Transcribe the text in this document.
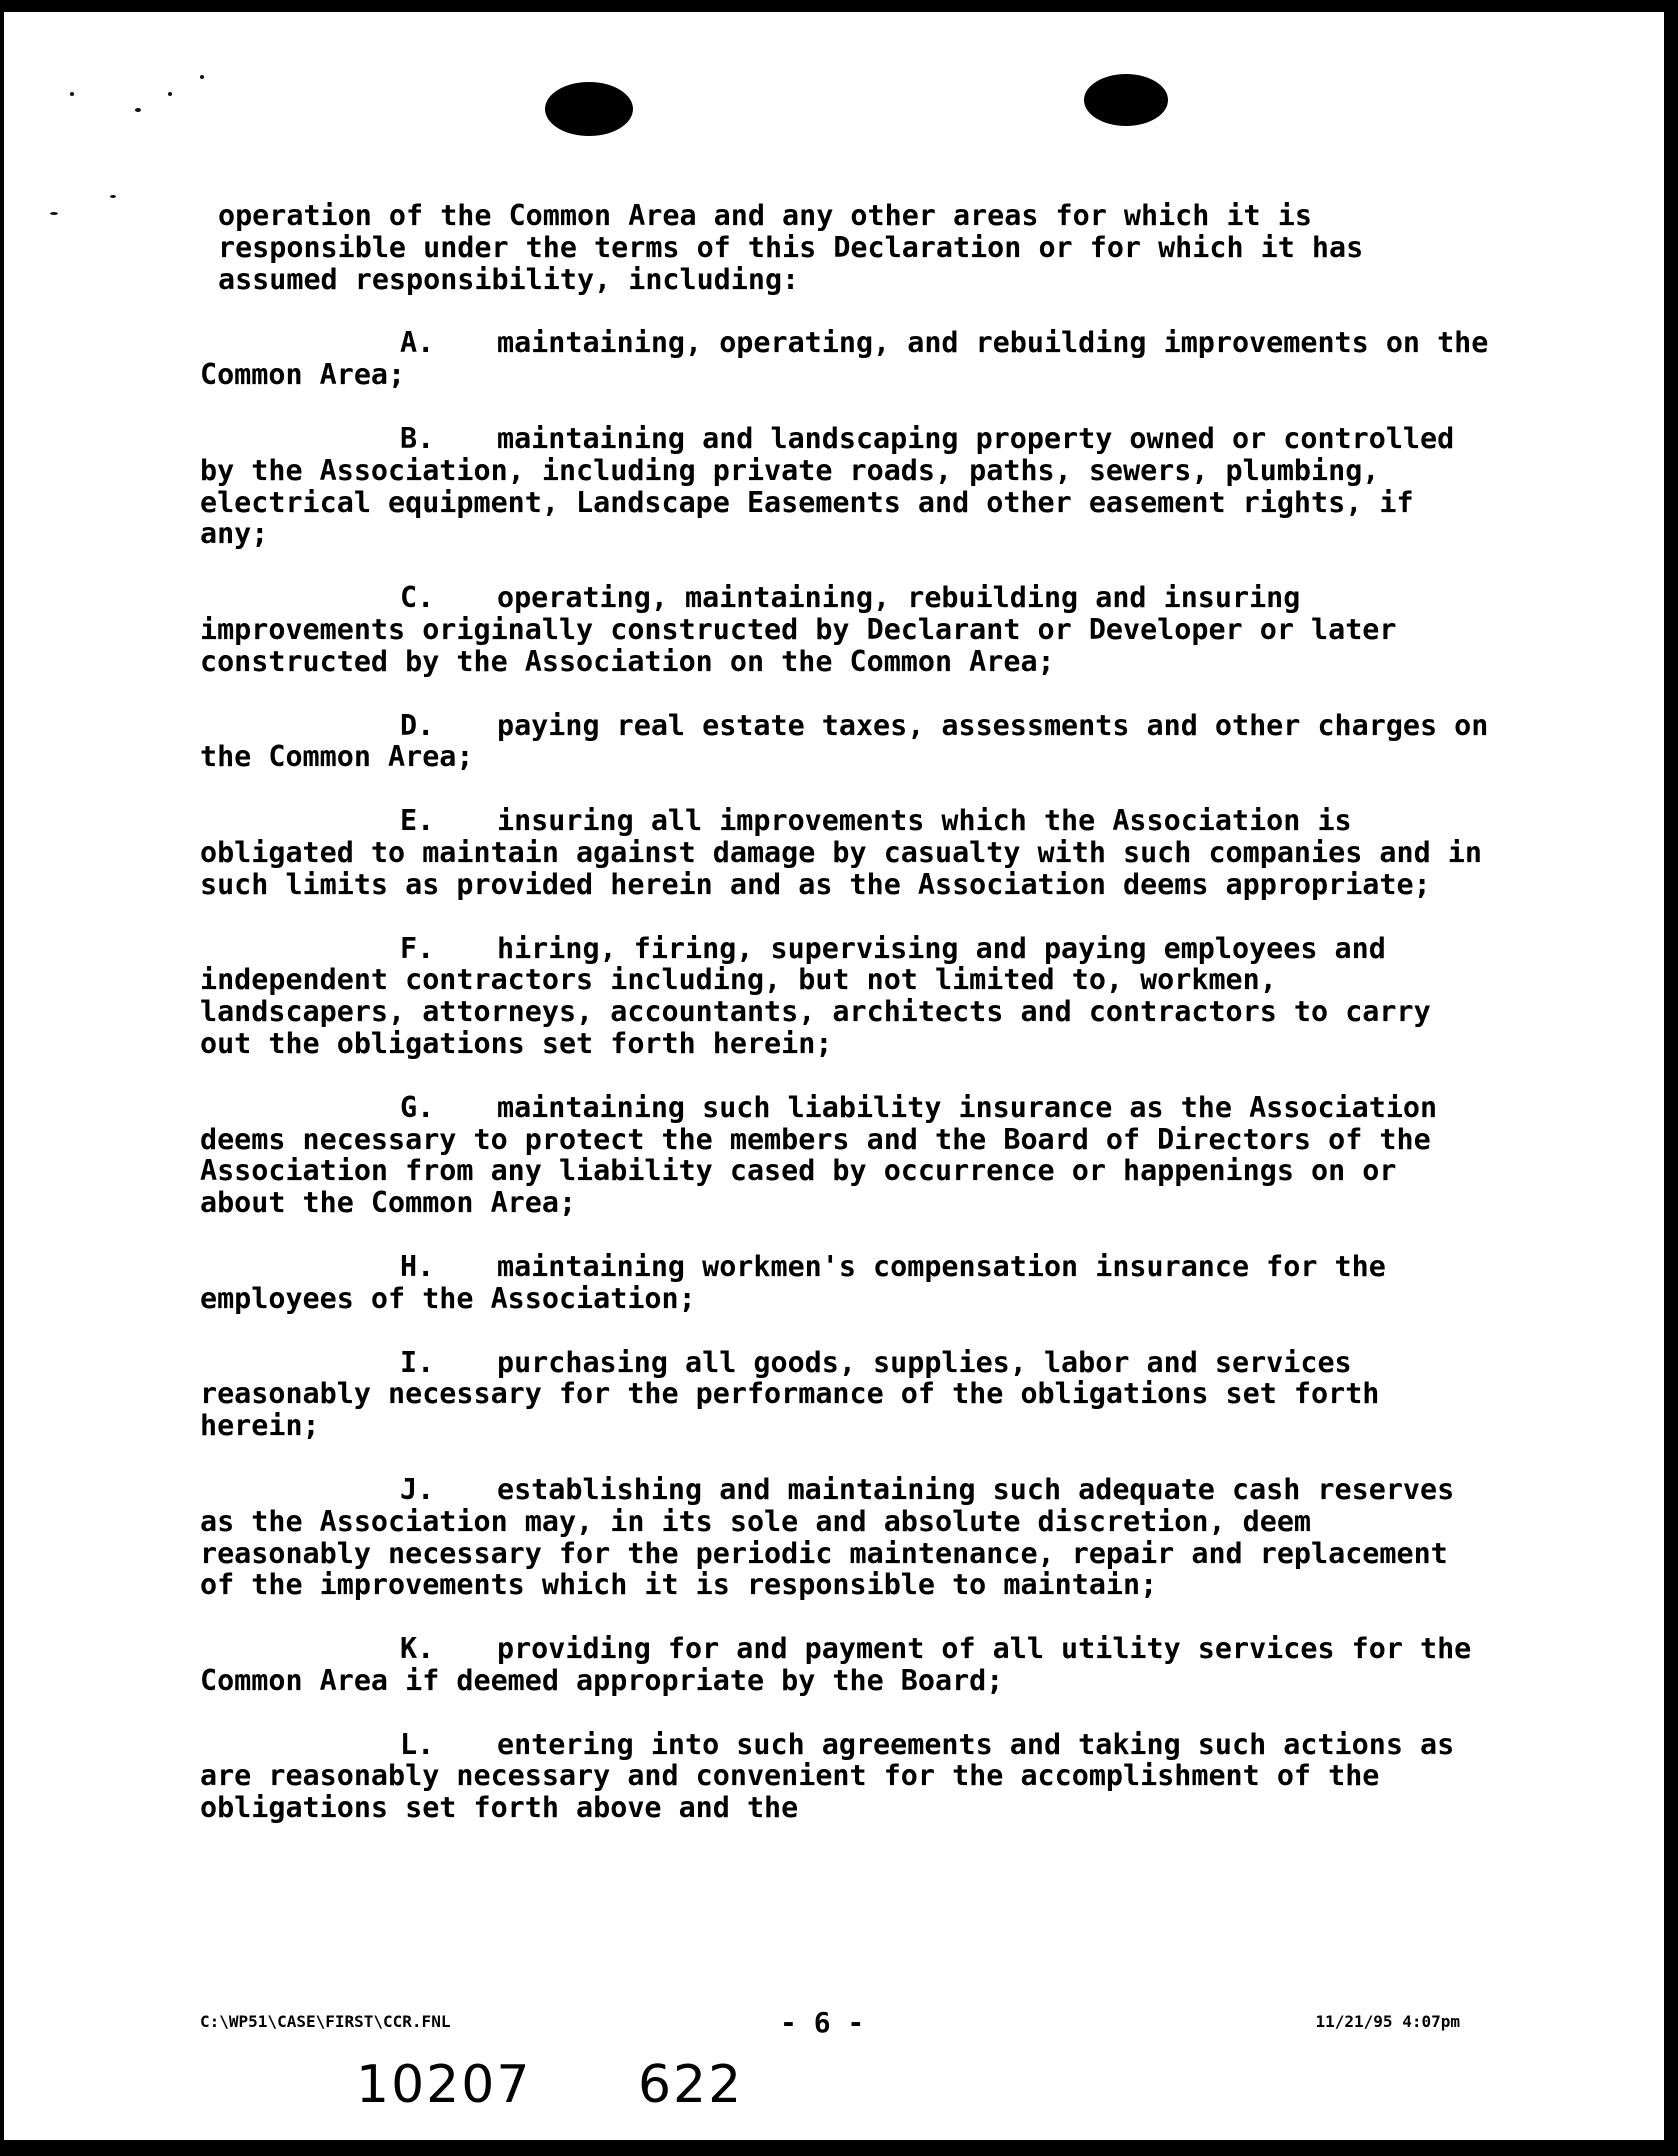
operation of the Common Area and any other areas for which it is responsible under the terms of this Declaration or for which it has assumed responsibility, including:

A. maintaining, operating, and rebuilding improvements on the Common Area;

B. maintaining and landscaping property owned or controlled by the Association, including private roads, paths, sewers, plumbing, electrical equipment, Landscape Easements and other easement rights, if any;

C. operating, maintaining, rebuilding and insuring improvements originally constructed by Declarant or Developer or later constructed by the Association on the Common Area;

D. paying real estate taxes, assessments and other charges on the Common Area;

E. insuring all improvements which the Association is obligated to maintain against damage by casualty with such companies and in such limits as provided herein and as the Association deems appropriate;

F. hiring, firing, supervising and paying employees and independent contractors including, but not limited to, workmen, landscapers, attorneys, accountants, architects and contractors to carry out the obligations set forth herein;

G. maintaining such liability insurance as the Association deems necessary to protect the members and the Board of Directors of the Association from any liability cased by occurrence or happenings on or about the Common Area;

H. maintaining workmen's compensation insurance for the employees of the Association;

I. purchasing all goods, supplies, labor and services reasonably necessary for the performance of the obligations set forth herein;

J. establishing and maintaining such adequate cash reserves as the Association may, in its sole and absolute discretion, deem reasonably necessary for the periodic maintenance, repair and replacement of the improvements which it is responsible to maintain;

K. providing for and payment of all utility services for the Common Area if deemed appropriate by the Board;

L. entering into such agreements and taking such actions as are reasonably necessary and convenient for the accomplishment of the obligations set forth above and the

C:\WP51\CASE\FIRST\CCR.FNL	- 6 -	11/21/95 4:07pm
10207 622
